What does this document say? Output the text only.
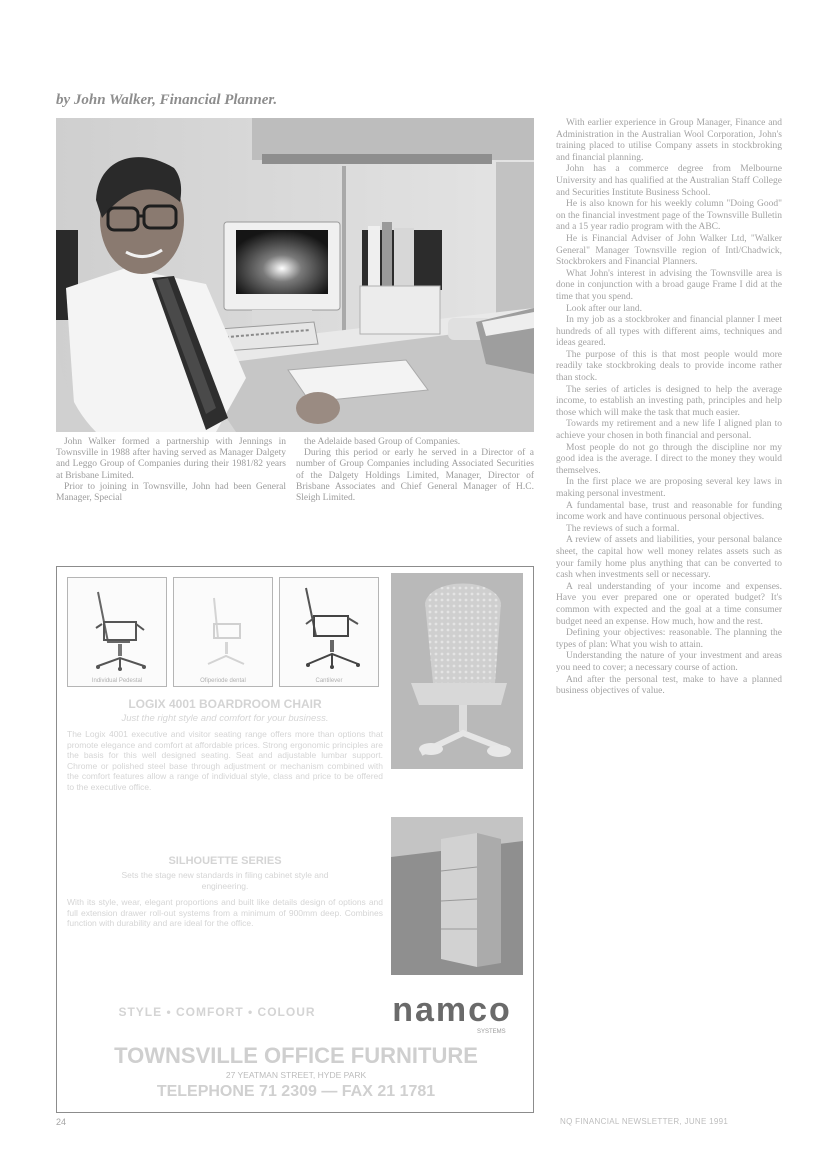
by John Walker, Financial Planner.

John Walker formed a partnership with Jennings in Townsville in 1988 after having served as Manager Dalgety and Leggo Group of Companies during their 1981/82 years at Brisbane Limited.

Prior to joining in Townsville, John had been General Manager, Special

the Adelaide based Group of Companies.

During this period or early he served in a Director of a number of Group Companies including Associated Securities of the Dalgety Holdings Limited, Manager, Director of Brisbane Associates and Chief General Manager of H.C. Sleigh Limited.

With earlier experience in Group Manager, Finance and Administration in the Australian Wool Corporation, John's training placed to utilise Company assets in stockbroking and financial planning.

John has a commerce degree from Melbourne University and has qualified at the Australian Staff College and Securities Institute Business School.

He is also known for his weekly column "Doing Good" on the financial investment page of the Townsville Bulletin and a 15 year radio program with the ABC.

He is Financial Adviser of John Walker Ltd, "Walker General" Manager Townsville region of Intl/Chadwick, Stockbrokers and Financial Planners.

What John's interest in advising the Townsville area is done in conjunction with a broad gauge Frame I did at the time that you spend.

Look after our land.

In my job as a stockbroker and financial planner I meet hundreds of all types with different aims, techniques and ideas geared.

The purpose of this is that most people would more readily take stockbroking deals to provide income rather than stock.

The series of articles is designed to help the average income, to establish an investing path, principles and help those which will make the task that much easier.

Towards my retirement and a new life I aligned plan to achieve your chosen in both financial and personal.

Most people do not go through the discipline nor my good idea is the average. I direct to the money they would themselves.

In the first place we are proposing several key laws in making personal investment.

A fundamental base, trust and reasonable for funding income work and have continuous personal objectives.

The reviews of such a formal.

A review of assets and liabilities, your personal balance sheet, the capital how well money relates assets such as your family home plus anything that can be converted to cash when investments sell or necessary.

A real understanding of your income and expenses. Have you ever prepared one or operated budget? It's common with expected and the goal at a time consumer budget need an expense. How much, how and the rest.

Defining your objectives: reasonable. The planning the types of plan: What you wish to attain.

Understanding the nature of your investment and areas you need to cover; a necessary course of action.

And after the personal test, make to have a planned business objectives of value.

Individual Pedestal	Ofiperiode dental	Cantilever
LOGIX 4001 BOARDROOM CHAIR
Just the right style and comfort for your business.
The Logix 4001 executive and visitor seating range offers more than options that promote elegance and comfort at affordable prices. Strong ergonomic principles are the basis for this well designed seating. Seat and adjustable lumbar support. Chrome or polished steel base through adjustment or mechanism combined with the comfort features allow a range of individual style, class and price to be offered to the executive office.
SILHOUETTE SERIES
Sets the stage new standards in filing cabinet style and engineering.
With its style, wear, elegant proportions and built like details design of options and full extension drawer roll-out systems from a minimum of 900mm deep. Combines function with durability and are ideal for the office.
STYLE • COMFORT • COLOUR	namco
SYSTEMS
TOWNSVILLE OFFICE FURNITURE
27 YEATMAN STREET, HYDE PARK
TELEPHONE 71 2309 — FAX 21 1781
24	NQ FINANCIAL NEWSLETTER, JUNE 1991
